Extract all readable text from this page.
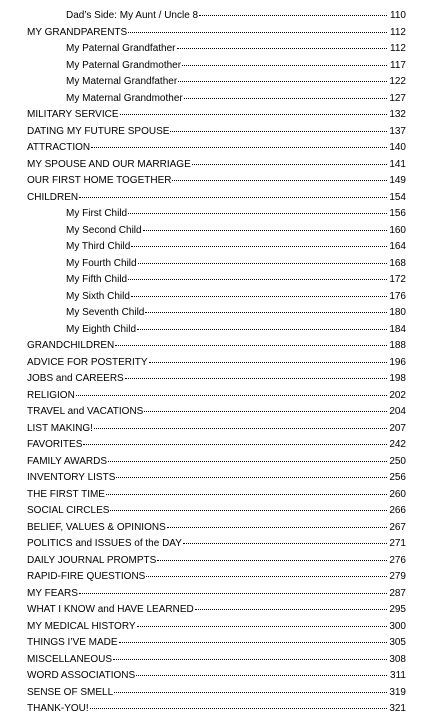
Dad’s Side: My Aunt / Uncle 8	110
MY GRANDPARENTS	112
My Paternal Grandfather	112
My Paternal Grandmother	117
My Maternal Grandfather	122
My Maternal Grandmother	127
MILITARY SERVICE	132
DATING MY FUTURE SPOUSE	137
ATTRACTION	140
MY SPOUSE AND OUR MARRIAGE	141
OUR FIRST HOME TOGETHER	149
CHILDREN	154
My First Child	156
My Second Child	160
My Third Child	164
My Fourth Child	168
My Fifth Child	172
My Sixth Child	176
My Seventh Child	180
My Eighth Child	184
GRANDCHILDREN	188
ADVICE FOR POSTERITY	196
JOBS and CAREERS	198
RELIGION	202
TRAVEL and VACATIONS	204
LIST MAKING!	207
FAVORITES	242
FAMILY AWARDS	250
INVENTORY LISTS	256
THE FIRST TIME	260
SOCIAL CIRCLES	266
BELIEF, VALUES & OPINIONS	267
POLITICS and ISSUES of the DAY	271
DAILY JOURNAL PROMPTS	276
RAPID-FIRE QUESTIONS	279
MY FEARS	287
WHAT I KNOW and HAVE LEARNED	295
MY MEDICAL HISTORY	300
THINGS I’VE MADE	305
MISCELLANEOUS	308
WORD ASSOCIATIONS	311
SENSE OF SMELL	319
THANK-YOU!	321
